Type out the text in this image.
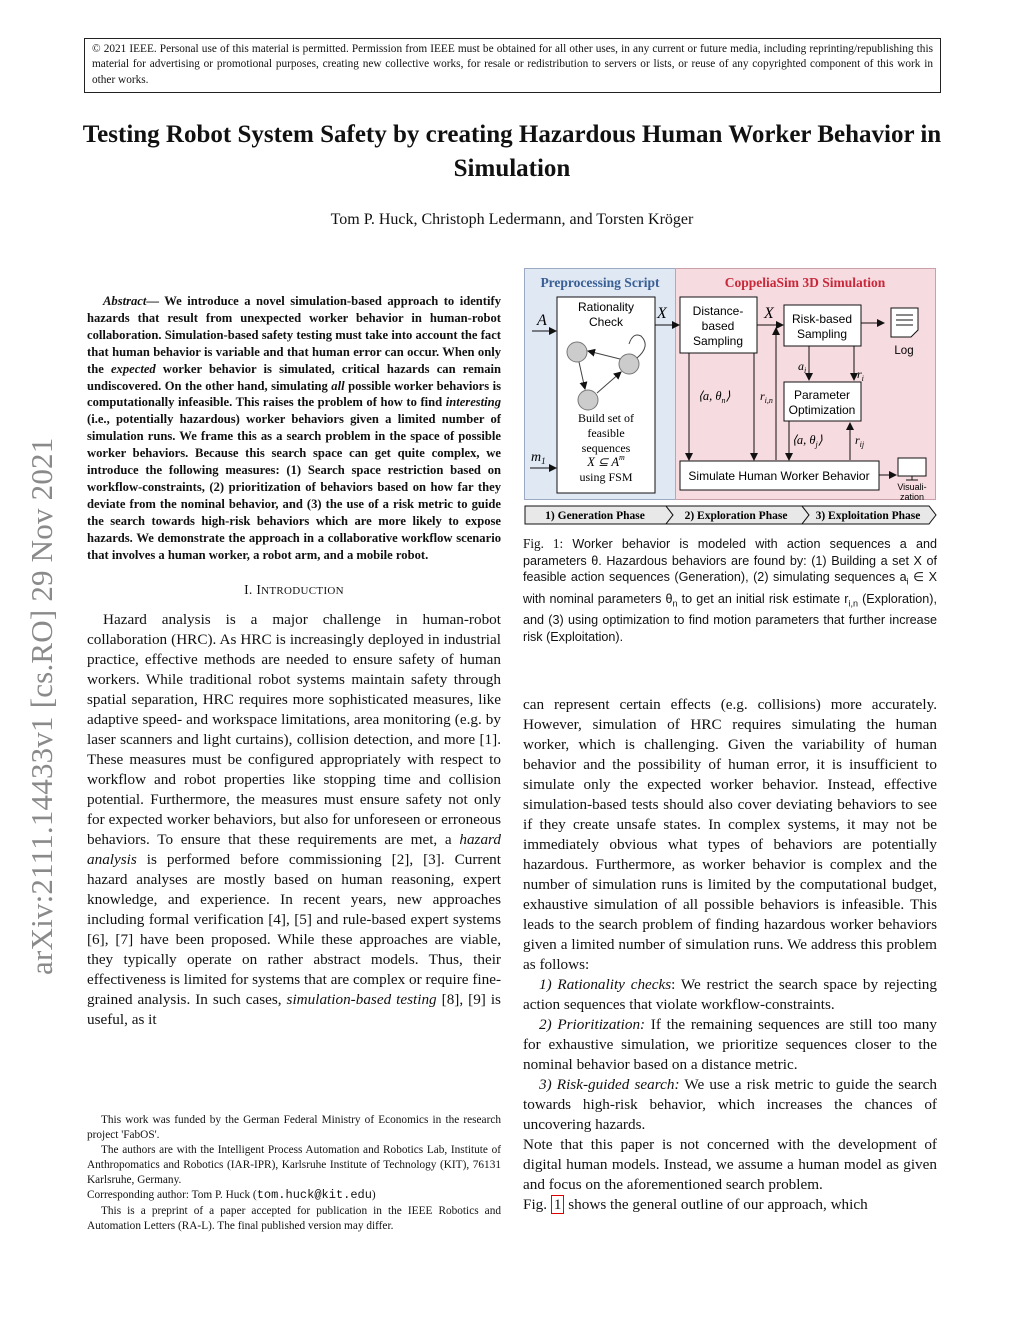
© 2021 IEEE. Personal use of this material is permitted. Permission from IEEE must be obtained for all other uses, in any current or future media, including reprinting/republishing this material for advertising or promotional purposes, creating new collective works, for resale or redistribution to servers or lists, or reuse of any copyrighted component of this work in other works.
Testing Robot System Safety by creating Hazardous Human Worker Behavior in Simulation
Tom P. Huck, Christoph Ledermann, and Torsten Kröger
arXiv:2111.14433v1 [cs.RO] 29 Nov 2021

Abstract— We introduce a novel simulation-based approach to identify hazards that result from unexpected worker behavior in human-robot collaboration. Simulation-based safety testing must take into account the fact that human behavior is variable and that human error can occur. When only the expected worker behavior is simulated, critical hazards can remain undiscovered. On the other hand, simulating all possible worker behaviors is computationally infeasible. This raises the problem of how to find interesting (i.e., potentially hazardous) worker behaviors given a limited number of simulation runs. We frame this as a search problem in the space of possible worker behaviors. Because this search space can get quite complex, we introduce the following measures: (1) Search space restriction based on workflow-constraints, (2) prioritization of behaviors based on how far they deviate from the nominal behavior, and (3) the use of a risk metric to guide the search towards high-risk behaviors which are more likely to expose hazards. We demonstrate the approach in a collaborative workflow scenario that involves a human worker, a robot arm, and a mobile robot.

I. INTRODUCTION

Hazard analysis is a major challenge in human-robot collaboration (HRC). As HRC is increasingly deployed in industrial practice, effective methods are needed to ensure safety of human workers. While traditional robot systems maintain safety through spatial separation, HRC requires more sophisticated measures, like adaptive speed- and workspace limitations, area monitoring (e.g. by laser scanners and light curtains), collision detection, and more [1]. These measures must be configured appropriately with respect to workflow and robot properties like stopping time and collision potential. Furthermore, the measures must ensure safety not only for expected worker behaviors, but also for unforeseen or erroneous behaviors. To ensure that these requirements are met, a hazard analysis is performed before commissioning [2], [3]. Current hazard analyses are mostly based on human reasoning, expert knowledge, and experience. In recent years, new approaches including formal verification [4], [5] and rule-based expert systems [6], [7] have been proposed. While these approaches are viable, they typically operate on rather abstract models. Thus, their effectiveness is limited for systems that are complex or require fine-grained analysis. In such cases, simulation-based testing [8], [9] is useful, as it

This work was funded by the German Federal Ministry of Economics in the research project 'FabOS'.

The authors are with the Intelligent Process Automation and Robotics Lab, Institute of Anthropomatics and Robotics (IAR-IPR), Karlsruhe Institute of Technology (KIT), 76131 Karlsruhe, Germany.

Corresponding author: Tom P. Huck (tom.huck@kit.edu)

This is a preprint of a paper accepted for publication in the IEEE Robotics and Automation Letters (RA-L). The final published version may differ.

Preprocessing Script	CoppeliaSim 3D Simulation
Rationality
Check
Build set of
feasible
sequences
X ⊆ $A^m$
using FSM
A
$m_1$
X Distance-
based
Sampling
X Risk-based
Sampling
Log
⟨a, $\theta_n⟩$ $r_{i,n}$
$a_i$	$r_i$
Parameter
Optimization
⟨a, $\theta_j⟩$	$r_{ij}$
Simulate Human Worker Behavior
Visuali-
zation
1) Generation Phase	2) Exploration Phase 3) Exploitation Phase
Fig. 1: Worker behavior is modeled with action sequences a and parameters θ. Hazardous behaviors are found by: (1) Building a set X of feasible action sequences (Generation), (2) simulating sequences $a_i$ ∈ X with nominal parameters $\theta_n$ to get an initial risk estimate $r_{i,n}$ (Exploration), and (3) using optimization to find motion parameters that further increase risk (Exploitation).

can represent certain effects (e.g. collisions) more accurately. However, simulation of HRC requires simulating the human worker, which is challenging. Given the variability of human behavior and the possibility of human error, it is insufficient to simulate only the expected worker behavior. Instead, effective simulation-based tests should also cover deviating behaviors to see if they create unsafe states. In complex systems, it may not be immediately obvious what types of behaviors are potentially hazardous. Furthermore, as worker behavior is complex and the number of simulation runs is limited by the computational budget, exhaustive simulation of all possible behaviors is infeasible. This leads to the search problem of finding hazardous worker behaviors given a limited number of simulation runs. We address this problem as follows:

1) Rationality checks: We restrict the search space by rejecting action sequences that violate workflow-constraints.

2) Prioritization: If the remaining sequences are still too many for exhaustive simulation, we prioritize sequences closer to the nominal behavior based on a distance metric.

3) Risk-guided search: We use a risk metric to guide the search towards high-risk behavior, which increases the chances of uncovering hazards.

Note that this paper is not concerned with the development of digital human models. Instead, we assume a human model as given and focus on the aforementioned search problem.

Fig. 1 shows the general outline of our approach, which
